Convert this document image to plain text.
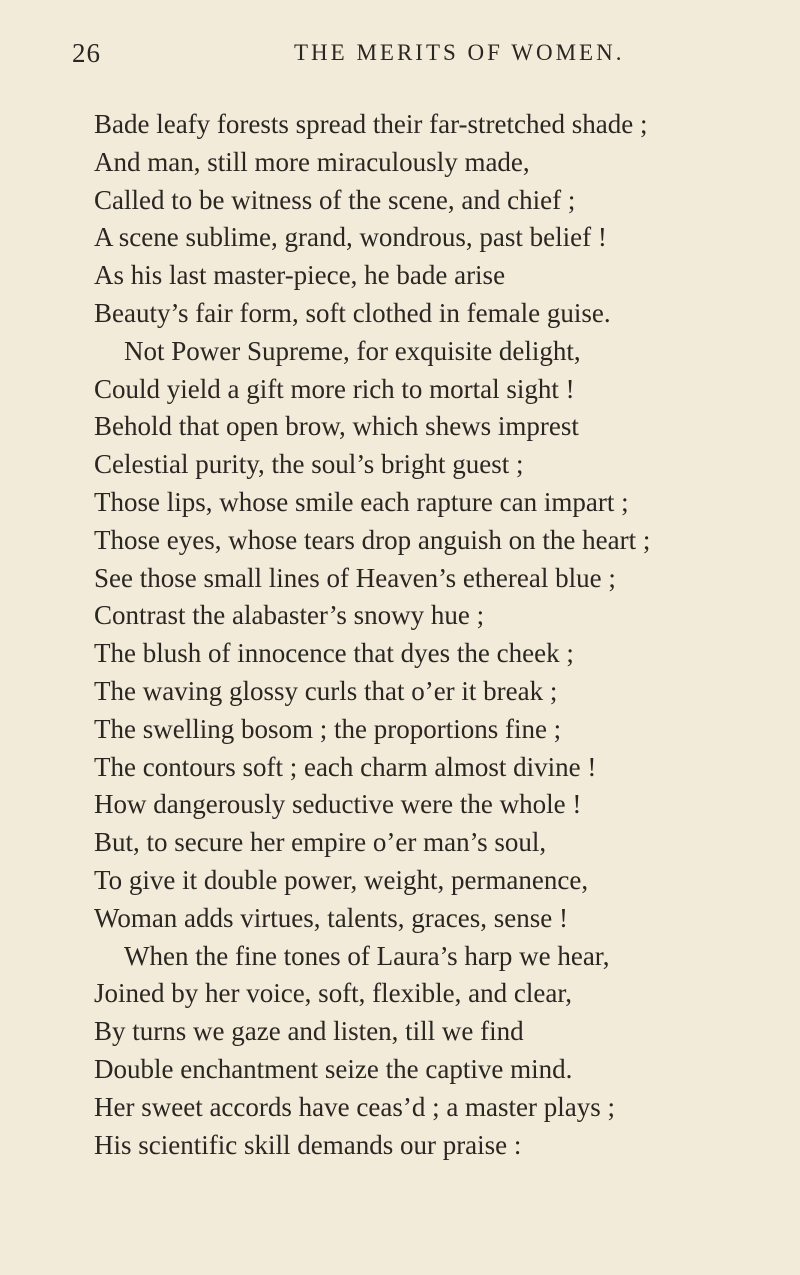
26	THE MERITS OF WOMEN.
Bade leafy forests spread their far-stretched shade ;
And man, still more miraculously made,
Called to be witness of the scene, and chief ;
A scene sublime, grand, wondrous, past belief !
As his last master-piece, he bade arise
Beauty’s fair form, soft clothed in female guise.
Not Power Supreme, for exquisite delight,
Could yield a gift more rich to mortal sight !
Behold that open brow, which shews imprest
Celestial purity, the soul’s bright guest ;
Those lips, whose smile each rapture can impart ;
Those eyes, whose tears drop anguish on the heart ;
See those small lines of Heaven’s ethereal blue ;
Contrast the alabaster’s snowy hue ;
The blush of innocence that dyes the cheek ;
The waving glossy curls that o’er it break ;
The swelling bosom ; the proportions fine ;
The contours soft ; each charm almost divine !
How dangerously seductive were the whole !
But, to secure her empire o’er man’s soul,
To give it double power, weight, permanence,
Woman adds virtues, talents, graces, sense !
When the fine tones of Laura’s harp we hear,
Joined by her voice, soft, flexible, and clear,
By turns we gaze and listen, till we find
Double enchantment seize the captive mind.
Her sweet accords have ceas’d ; a master plays ;
His scientific skill demands our praise :
